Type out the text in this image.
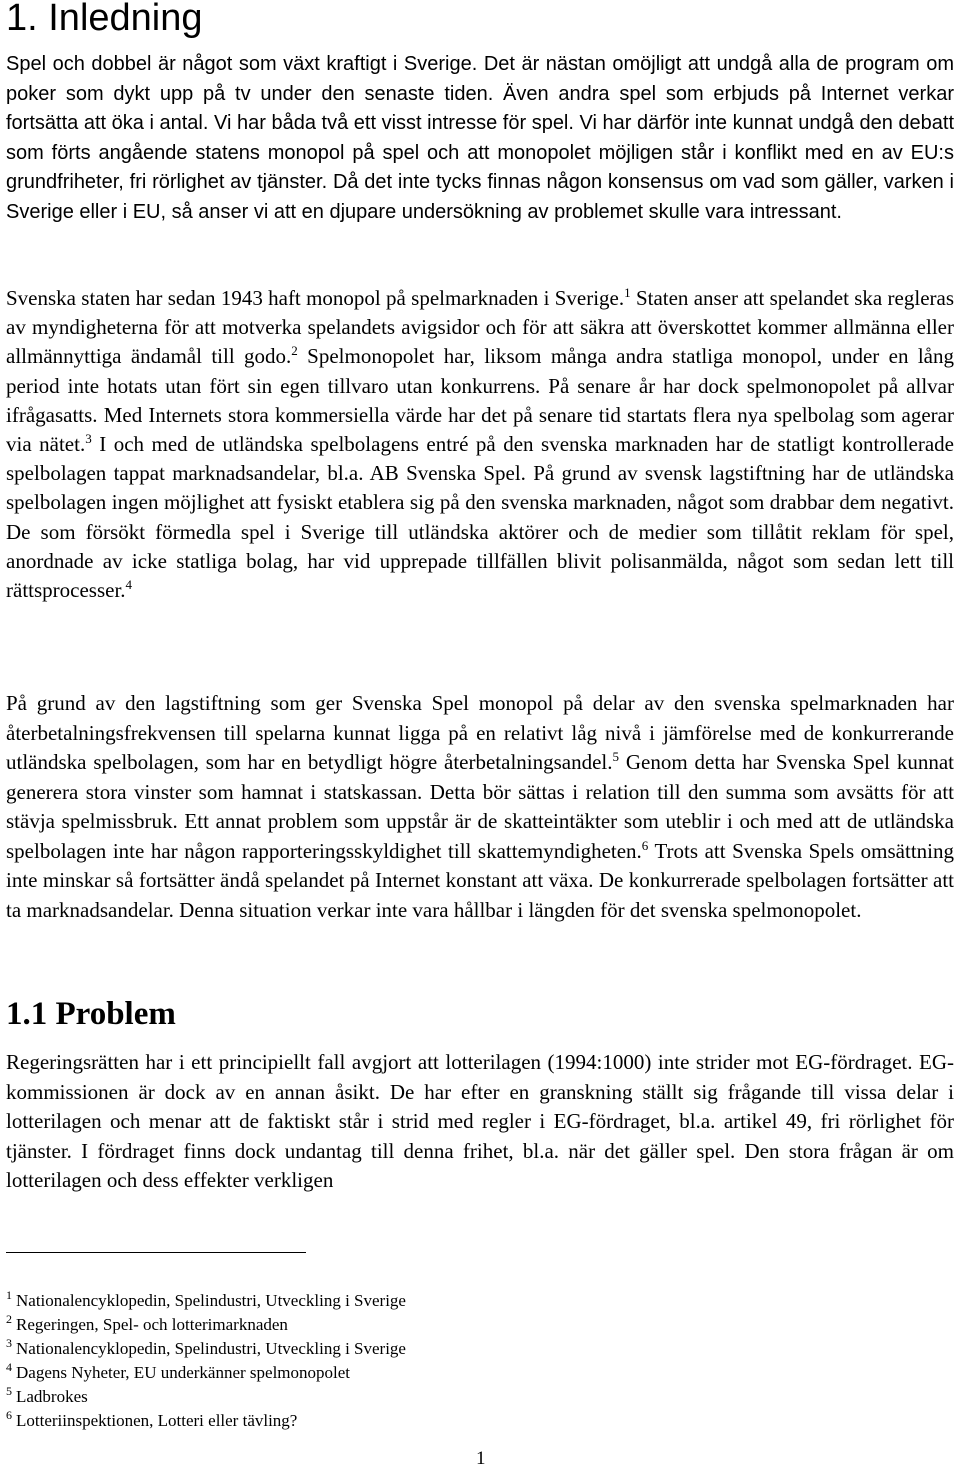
1. Inledning

Spel och dobbel är något som växt kraftigt i Sverige. Det är nästan omöjligt att undgå alla de program om poker som dykt upp på tv under den senaste tiden. Även andra spel som erbjuds på Internet verkar fortsätta att öka i antal. Vi har båda två ett visst intresse för spel. Vi har därför inte kunnat undgå den debatt som förts angående statens monopol på spel och att monopolet möjligen står i konflikt med en av EU:s grundfriheter, fri rörlighet av tjänster. Då det inte tycks finnas någon konsensus om vad som gäller, varken i Sverige eller i EU, så anser vi att en djupare undersökning av problemet skulle vara intressant.

Svenska staten har sedan 1943 haft monopol på spelmarknaden i Sverige.$^1$ Staten anser att spelandet ska regleras av myndigheterna för att motverka spelandets avigsidor och för att säkra att överskottet kommer allmänna eller allmännyttiga ändamål till godo.$^2$ Spelmonopolet har, liksom många andra statliga monopol, under en lång period inte hotats utan fört sin egen tillvaro utan konkurrens. På senare år har dock spelmonopolet på allvar ifrågasatts. Med Internets stora kommersiella värde har det på senare tid startats flera nya spelbolag som agerar via nätet.$^3$ I och med de utländska spelbolagens entré på den svenska marknaden har de statligt kontrollerade spelbolagen tappat marknadsandelar, bl.a. AB Svenska Spel. På grund av svensk lagstiftning har de utländska spelbolagen ingen möjlighet att fysiskt etablera sig på den svenska marknaden, något som drabbar dem negativt. De som försökt förmedla spel i Sverige till utländska aktörer och de medier som tillåtit reklam för spel, anordnade av icke statliga bolag, har vid upprepade tillfällen blivit polisanmälda, något som sedan lett till rättsprocesser.$^4$

På grund av den lagstiftning som ger Svenska Spel monopol på delar av den svenska spelmarknaden har återbetalningsfrekvensen till spelarna kunnat ligga på en relativt låg nivå i jämförelse med de konkurrerande utländska spelbolagen, som har en betydligt högre återbetalningsandel.$^5$ Genom detta har Svenska Spel kunnat generera stora vinster som hamnat i statskassan. Detta bör sättas i relation till den summa som avsätts för att stävja spelmissbruk. Ett annat problem som uppstår är de skatteintäkter som uteblir i och med att de utländska spelbolagen inte har någon rapporteringsskyldighet till skattemyndigheten.$^6$ Trots att Svenska Spels omsättning inte minskar så fortsätter ändå spelandet på Internet konstant att växa. De konkurrerade spelbolagen fortsätter att ta marknadsandelar. Denna situation verkar inte vara hållbar i längden för det svenska spelmonopolet.

1.1 Problem

Regeringsrätten har i ett principiellt fall avgjort att lotterilagen (1994:1000) inte strider mot EG-fördraget. EG-kommissionen är dock av en annan åsikt. De har efter en granskning ställt sig frågande till vissa delar i lotterilagen och menar att de faktiskt står i strid med regler i EG-fördraget, bl.a. artikel 49, fri rörlighet för tjänster. I fördraget finns dock undantag till denna frihet, bl.a. när det gäller spel. Den stora frågan är om lotterilagen och dess effekter verkligen

$^1$ Nationalencyklopedin, Spelindustri, Utveckling i Sverige
$^2$ Regeringen, Spel- och lotterimarknaden
$^3$ Nationalencyklopedin, Spelindustri, Utveckling i Sverige
$^4$ Dagens Nyheter, EU underkänner spelmonopolet
$^5$ Ladbrokes
$^6$ Lotteriinspektionen, Lotteri eller tävling?
1
